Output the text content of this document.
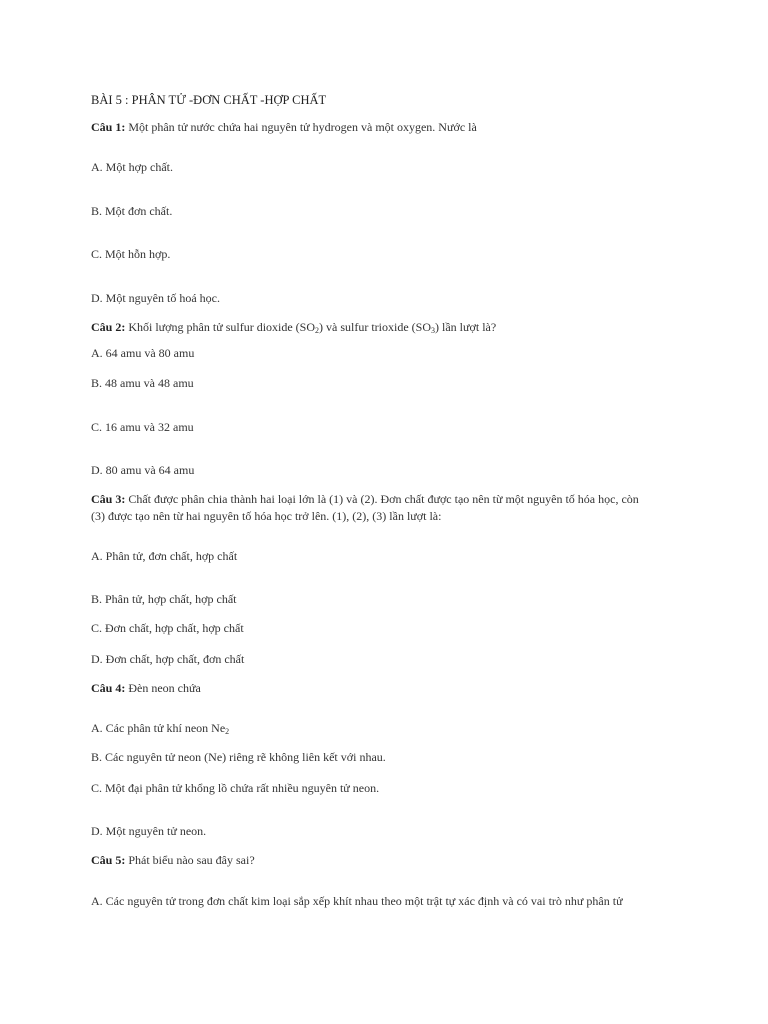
BÀI 5 : PHÂN TỬ -ĐƠN CHẤT -HỢP CHẤT
Câu 1: Một phân tử nước chứa hai nguyên tử hydrogen và một oxygen. Nước là
A. Một hợp chất.
B. Một đơn chất.
C. Một hỗn hợp.
D. Một nguyên tố hoá học.
Câu 2: Khối lượng phân tử sulfur dioxide $(SO_2)$ và sulfur trioxide $(SO_3)$ lần lượt là?
A. 64 amu và 80 amu
B. 48 amu và 48 amu
C. 16 amu và 32 amu
D. 80 amu và 64 amu
Câu 3: Chất được phân chia thành hai loại lớn là (1) và (2). Đơn chất được tạo nên từ một nguyên tố hóa học, còn
(3) được tạo nên từ hai nguyên tố hóa học trở lên. (1), (2), (3) lần lượt là:
A. Phân tử, đơn chất, hợp chất
B. Phân tử, hợp chất, hợp chất
C. Đơn chất, hợp chất, hợp chất
D. Đơn chất, hợp chất, đơn chất
Câu 4: Đèn neon chứa
A. Các phân tử khí neon $Ne_2$
B. Các nguyên tử neon (Ne) riêng rẽ không liên kết với nhau.
C. Một đại phân tử khổng lồ chứa rất nhiều nguyên tử neon.
D. Một nguyên tử neon.
Câu 5: Phát biểu nào sau đây sai?
A. Các nguyên tử trong đơn chất kim loại sắp xếp khít nhau theo một trật tự xác định và có vai trò như phân tử
